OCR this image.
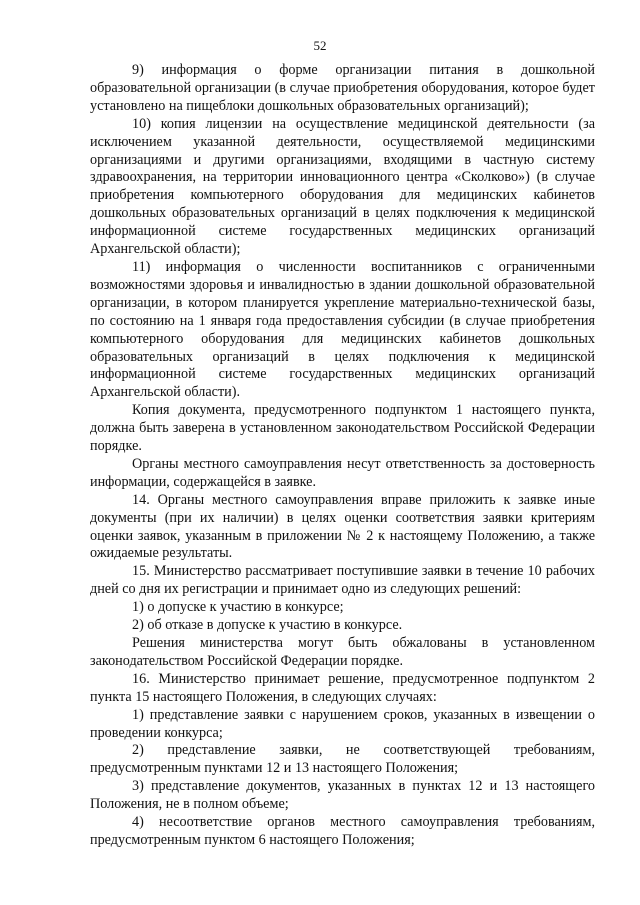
52

9) информация о форме организации питания в дошкольной образовательной организации (в случае приобретения оборудования, которое будет установлено на пищеблоки дошкольных образовательных организаций);

10) копия лицензии на осуществление медицинской деятельности (за исключением указанной деятельности, осуществляемой медицинскими организациями и другими организациями, входящими в частную систему здравоохранения, на территории инновационного центра «Сколково») (в случае приобретения компьютерного оборудования для медицинских кабинетов дошкольных образовательных организаций в целях подключения к медицинской информационной системе государственных медицинских организаций Архангельской области);

11) информация о численности воспитанников с ограниченными возможностями здоровья и инвалидностью в здании дошкольной образовательной организации, в котором планируется укрепление материально-технической базы, по состоянию на 1 января года предоставления субсидии (в случае приобретения компьютерного оборудования для медицинских кабинетов дошкольных образовательных организаций в целях подключения к медицинской информационной системе государственных медицинских организаций Архангельской области).

Копия документа, предусмотренного подпунктом 1 настоящего пункта, должна быть заверена в установленном законодательством Российской Федерации порядке.

Органы местного самоуправления несут ответственность за достоверность информации, содержащейся в заявке.

14. Органы местного самоуправления вправе приложить к заявке иные документы (при их наличии) в целях оценки соответствия заявки критериям оценки заявок, указанным в приложении № 2 к настоящему Положению, а также ожидаемые результаты.

15. Министерство рассматривает поступившие заявки в течение 10 рабочих дней со дня их регистрации и принимает одно из следующих решений:

1) о допуске к участию в конкурсе;

2) об отказе в допуске к участию в конкурсе.

Решения министерства могут быть обжалованы в установленном законодательством Российской Федерации порядке.

16. Министерство принимает решение, предусмотренное подпунктом 2 пункта 15 настоящего Положения, в следующих случаях:

1) представление заявки с нарушением сроков, указанных в извещении о проведении конкурса;

2) представление заявки, не соответствующей требованиям, предусмотренным пунктами 12 и 13 настоящего Положения;

3) представление документов, указанных в пунктах 12 и 13 настоящего Положения, не в полном объеме;

4) несоответствие органов местного самоуправления требованиям, предусмотренным пунктом 6 настоящего Положения;
